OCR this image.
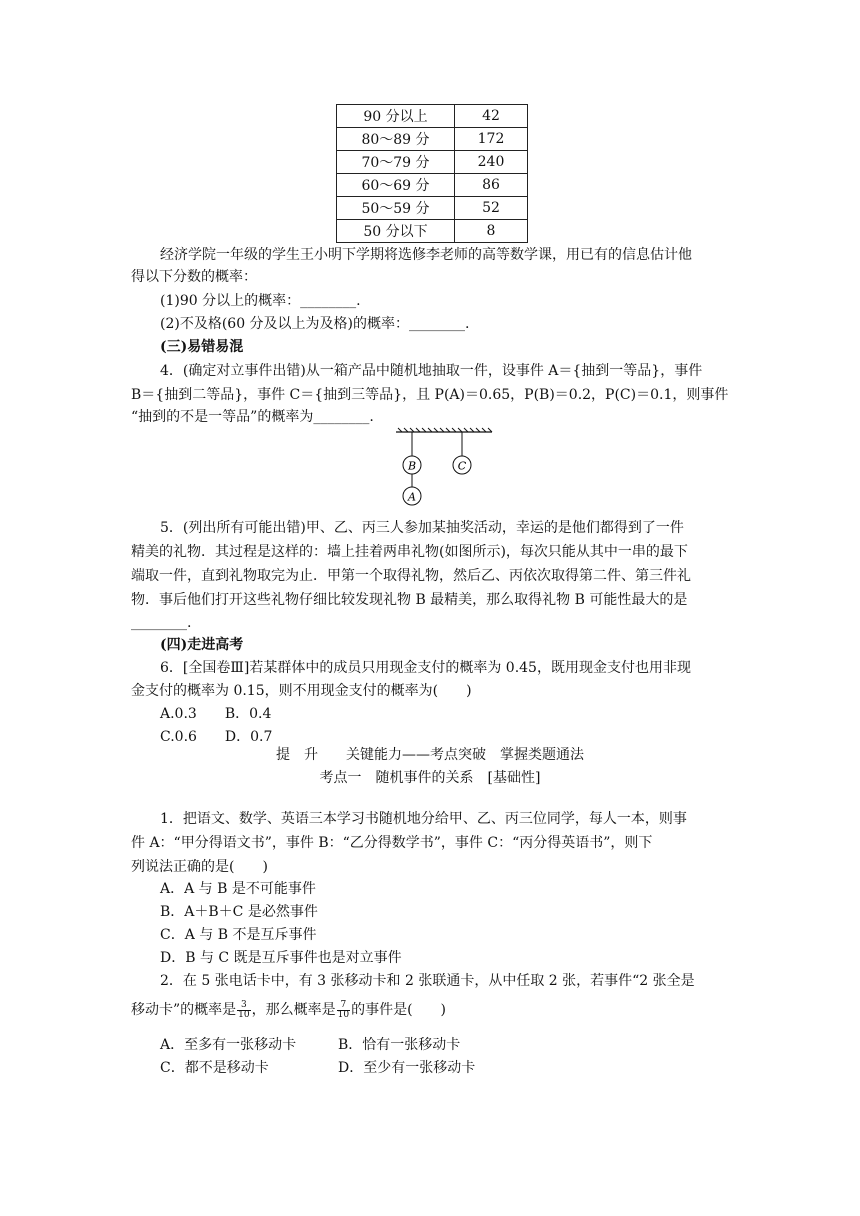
90 分以上	42
80～89 分	172
70～79 分	240
60～69 分	86
50～59 分	52
50 分以下	8
经济学院一年级的学生王小明下学期将选修李老师的高等数学课，用已有的信息估计他
得以下分数的概率：
(1)90 分以上的概率：________.
(2)不及格(60 分及以上为及格)的概率：________.
(三)易错易混
4．(确定对立事件出错)从一箱产品中随机地抽取一件，设事件 A＝{抽到一等品}，事件
B＝{抽到二等品}，事件 C＝{抽到三等品}，且 P(A)＝0.65，P(B)＝0.2，P(C)＝0.1，则事件
“抽到的不是一等品”的概率为________.
B	C
A
5．(列出所有可能出错)甲、乙、丙三人参加某抽奖活动，幸运的是他们都得到了一件
精美的礼物．其过程是这样的：墙上挂着两串礼物(如图所示)，每次只能从其中一串的最下
端取一件，直到礼物取完为止．甲第一个取得礼物，然后乙、丙依次取得第二件、第三件礼
物．事后他们打开这些礼物仔细比较发现礼物 B 最精美，那么取得礼物 B 可能性最大的是
________.
(四)走进高考
6．[全国卷Ⅲ]若某群体中的成员只用现金支付的概率为 0.45，既用现金支付也用非现
金支付的概率为 0.15，则不用现金支付的概率为(　　)
A.0.3　　B．0.4
C.0.6　　D．0.7
提　升　　关键能力——考点突破　掌握类题通法
考点一　随机事件的关系　[基础性]
1．把语文、数学、英语三本学习书随机地分给甲、乙、丙三位同学，每人一本，则事
件 A：“甲分得语文书”，事件 B：“乙分得数学书”，事件 C：“丙分得英语书”，则下
列说法正确的是(　　)
A．A 与 B 是不可能事件
B．A＋B＋C 是必然事件
C．A 与 B 不是互斥事件
D．B 与 C 既是互斥事件也是对立事件
2．在 5 张电话卡中，有 3 张移动卡和 2 张联通卡，从中任取 2 张，若事件“2 张全是
移动卡”的概率是 $\frac{3}{10}$ ，那么概率是 $\frac{7}{10}$ 的事件是(　　)
A．至多有一张移动卡	B．恰有一张移动卡
C．都不是移动卡	D．至少有一张移动卡
